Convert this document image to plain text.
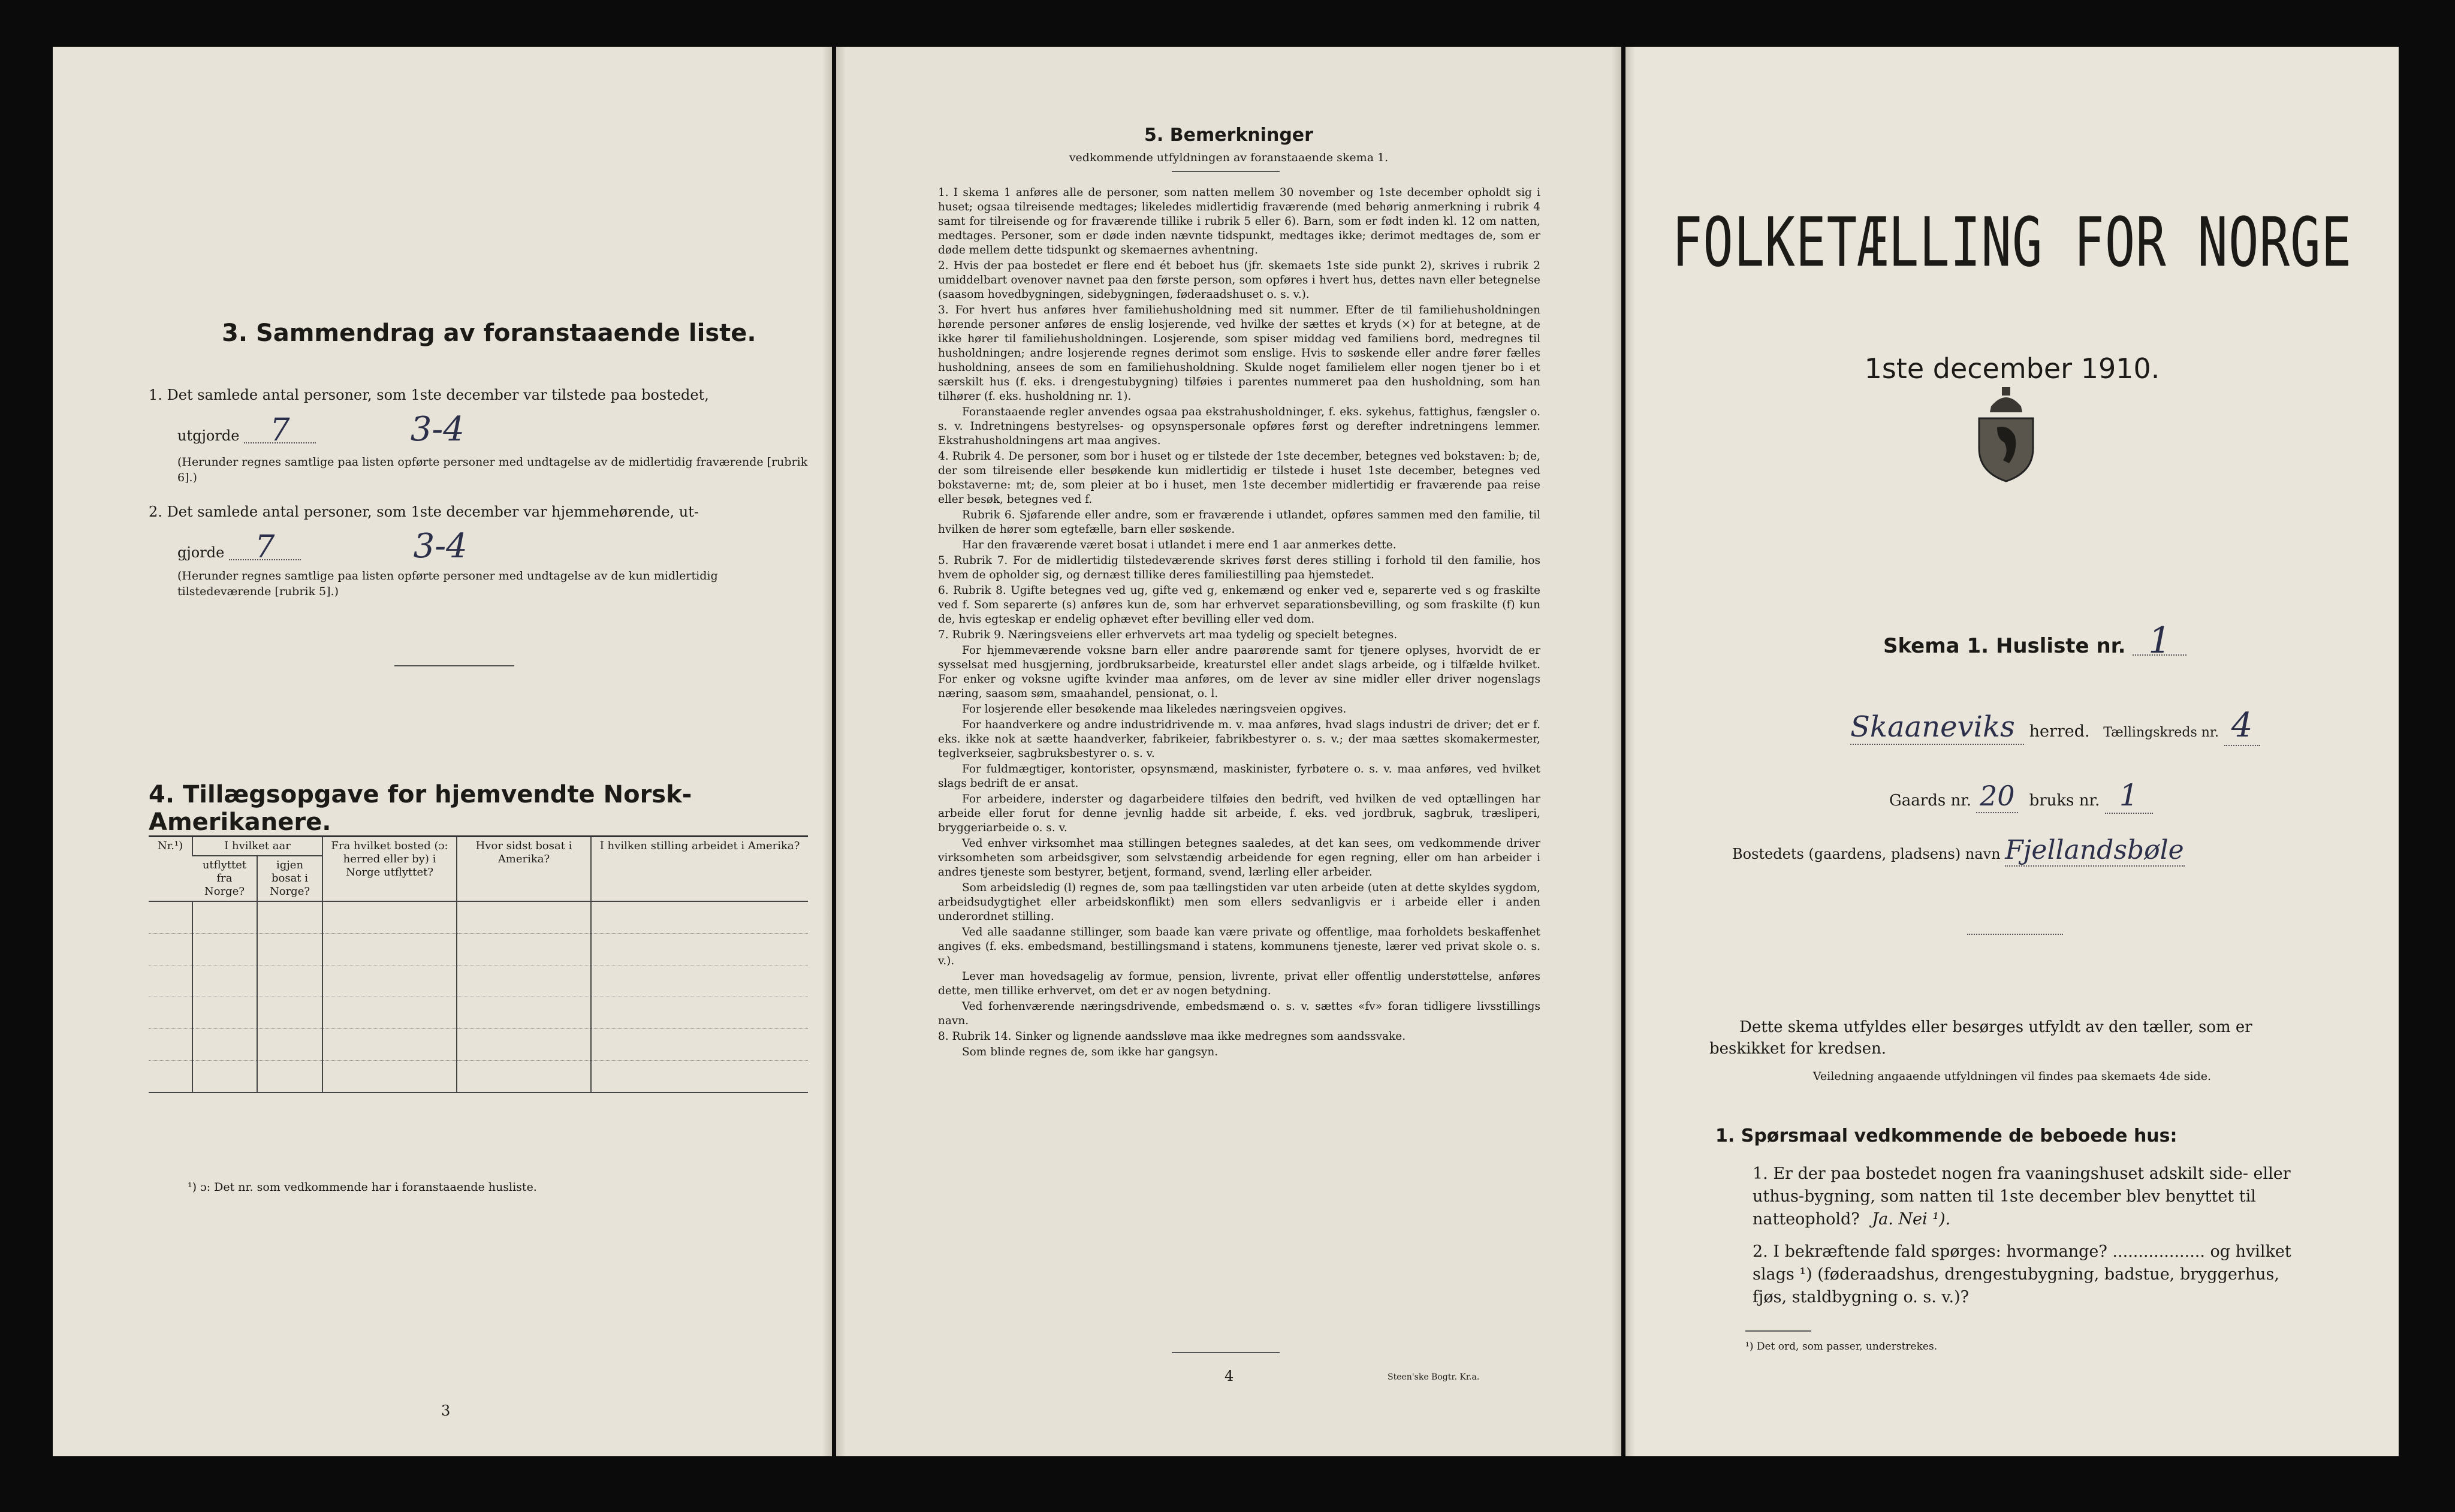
3. Sammendrag av foranstaaende liste.
1. Det samlede antal personer, som 1ste december var tilstede paa bostedet,
utgjorde 7	3-4
(Herunder regnes samtlige paa listen opførte personer med undtagelse av de midlertidig fraværende [rubrik 6].)
2. Det samlede antal personer, som 1ste december var hjemmehørende, ut-
gjorde 7	3-4
(Herunder regnes samtlige paa listen opførte personer med undtagelse av de kun midlertidig tilstedeværende [rubrik 5].)
4. Tillægsopgave for hjemvendte Norsk-Amerikanere.
Nr.¹)	I hvilket aar		Fra hvilket bosted (ɔ: herred eller by) i Norge utflyttet?	Hvor sidst bosat i Amerika?	I hvilken stilling arbeidet i Amerika?
	utflyttet fra Norge?	igjen bosat i Norge?			

¹) ɔ: Det nr. som vedkommende har i foranstaaende husliste.
3
5. Bemerkninger
vedkommende utfyldningen av foranstaaende skema 1.

1. I skema 1 anføres alle de personer, som natten mellem 30 november og 1ste december opholdt sig i huset; ogsaa tilreisende medtages; likeledes midlertidig fraværende (med behørig anmerkning i rubrik 4 samt for tilreisende og for fraværende tillike i rubrik 5 eller 6). Barn, som er født inden kl. 12 om natten, medtages. Personer, som er døde inden nævnte tidspunkt, medtages ikke; derimot medtages de, som er døde mellem dette tidspunkt og skemaernes avhentning.

2. Hvis der paa bostedet er flere end ét beboet hus (jfr. skemaets 1ste side punkt 2), skrives i rubrik 2 umiddelbart ovenover navnet paa den første person, som opføres i hvert hus, dettes navn eller betegnelse (saasom hovedbygningen, sidebygningen, føderaadshuset o. s. v.).

3. For hvert hus anføres hver familiehusholdning med sit nummer. Efter de til familiehusholdningen hørende personer anføres de enslig losjerende, ved hvilke der sættes et kryds (×) for at betegne, at de ikke hører til familiehusholdningen. Losjerende, som spiser middag ved familiens bord, medregnes til husholdningen; andre losjerende regnes derimot som enslige. Hvis to søskende eller andre fører fælles husholdning, ansees de som en familiehusholdning. Skulde noget familielem eller nogen tjener bo i et særskilt hus (f. eks. i drengestubygning) tilføies i parentes nummeret paa den husholdning, som han tilhører (f. eks. husholdning nr. 1).

Foranstaaende regler anvendes ogsaa paa ekstrahusholdninger, f. eks. sykehus, fattighus, fængsler o. s. v. Indretningens bestyrelses- og opsynspersonale opføres først og derefter indretningens lemmer. Ekstrahusholdningens art maa angives.

4. Rubrik 4. De personer, som bor i huset og er tilstede der 1ste december, betegnes ved bokstaven: b; de, der som tilreisende eller besøkende kun midlertidig er tilstede i huset 1ste december, betegnes ved bokstaverne: mt; de, som pleier at bo i huset, men 1ste december midlertidig er fraværende paa reise eller besøk, betegnes ved f.

Rubrik 6. Sjøfarende eller andre, som er fraværende i utlandet, opføres sammen med den familie, til hvilken de hører som egtefælle, barn eller søskende.

Har den fraværende været bosat i utlandet i mere end 1 aar anmerkes dette.

5. Rubrik 7. For de midlertidig tilstedeværende skrives først deres stilling i forhold til den familie, hos hvem de opholder sig, og dernæst tillike deres familiestilling paa hjemstedet.

6. Rubrik 8. Ugifte betegnes ved ug, gifte ved g, enkemænd og enker ved e, separerte ved s og fraskilte ved f. Som separerte (s) anføres kun de, som har erhvervet separationsbevilling, og som fraskilte (f) kun de, hvis egteskap er endelig ophævet efter bevilling eller ved dom.

7. Rubrik 9. Næringsveiens eller erhvervets art maa tydelig og specielt betegnes.

For hjemmeværende voksne barn eller andre paarørende samt for tjenere oplyses, hvorvidt de er sysselsat med husgjerning, jordbruksarbeide, kreaturstel eller andet slags arbeide, og i tilfælde hvilket. For enker og voksne ugifte kvinder maa anføres, om de lever av sine midler eller driver nogenslags næring, saasom søm, smaahandel, pensionat, o. l.

For losjerende eller besøkende maa likeledes næringsveien opgives.

For haandverkere og andre industridrivende m. v. maa anføres, hvad slags industri de driver; det er f. eks. ikke nok at sætte haandverker, fabrikeier, fabrikbestyrer o. s. v.; der maa sættes skomakermester, teglverkseier, sagbruksbestyrer o. s. v.

For fuldmægtiger, kontorister, opsynsmænd, maskinister, fyrbøtere o. s. v. maa anføres, ved hvilket slags bedrift de er ansat.

For arbeidere, inderster og dagarbeidere tilføies den bedrift, ved hvilken de ved optællingen har arbeide eller forut for denne jevnlig hadde sit arbeide, f. eks. ved jordbruk, sagbruk, træsliperi, bryggeriarbeide o. s. v.

Ved enhver virksomhet maa stillingen betegnes saaledes, at det kan sees, om vedkommende driver virksomheten som arbeidsgiver, som selvstændig arbeidende for egen regning, eller om han arbeider i andres tjeneste som bestyrer, betjent, formand, svend, lærling eller arbeider.

Som arbeidsledig (l) regnes de, som paa tællingstiden var uten arbeide (uten at dette skyldes sygdom, arbeidsudygtighet eller arbeidskonflikt) men som ellers sedvanligvis er i arbeide eller i anden underordnet stilling.

Ved alle saadanne stillinger, som baade kan være private og offentlige, maa forholdets beskaffenhet angives (f. eks. embedsmand, bestillingsmand i statens, kommunens tjeneste, lærer ved privat skole o. s. v.).

Lever man hovedsagelig av formue, pension, livrente, privat eller offentlig understøttelse, anføres dette, men tillike erhvervet, om det er av nogen betydning.

Ved forhenværende næringsdrivende, embedsmænd o. s. v. sættes «fv» foran tidligere livsstillings navn.

8. Rubrik 14. Sinker og lignende aandssløve maa ikke medregnes som aandssvake.

Som blinde regnes de, som ikke har gangsyn.

4	Steen'ske Bogtr. Kr.a.
FOLKETÆLLING FOR NORGE
1ste december 1910.
Skema 1. Husliste nr. 1
Skaaneviks herred. Tællingskreds nr. 4
Gaards nr. 20 bruks nr. 1
Bostedets (gaardens, pladsens) navn Fjellandsbøle
Dette skema utfyldes eller besørges utfyldt av den tæller, som er beskikket for kredsen.
Veiledning angaaende utfyldningen vil findes paa skemaets 4de side.
1. Spørsmaal vedkommende de beboede hus:
1. Er der paa bostedet nogen fra vaaningshuset adskilt side- eller uthus-bygning, som natten til 1ste december blev benyttet til natteophold? Ja. Nei ¹).
2. I bekræftende fald spørges: hvormange? .................. og hvilket slags ¹) (føderaadshus, drengestubygning, badstue, bryggerhus, fjøs, staldbygning o. s. v.)?
¹) Det ord, som passer, understrekes.
